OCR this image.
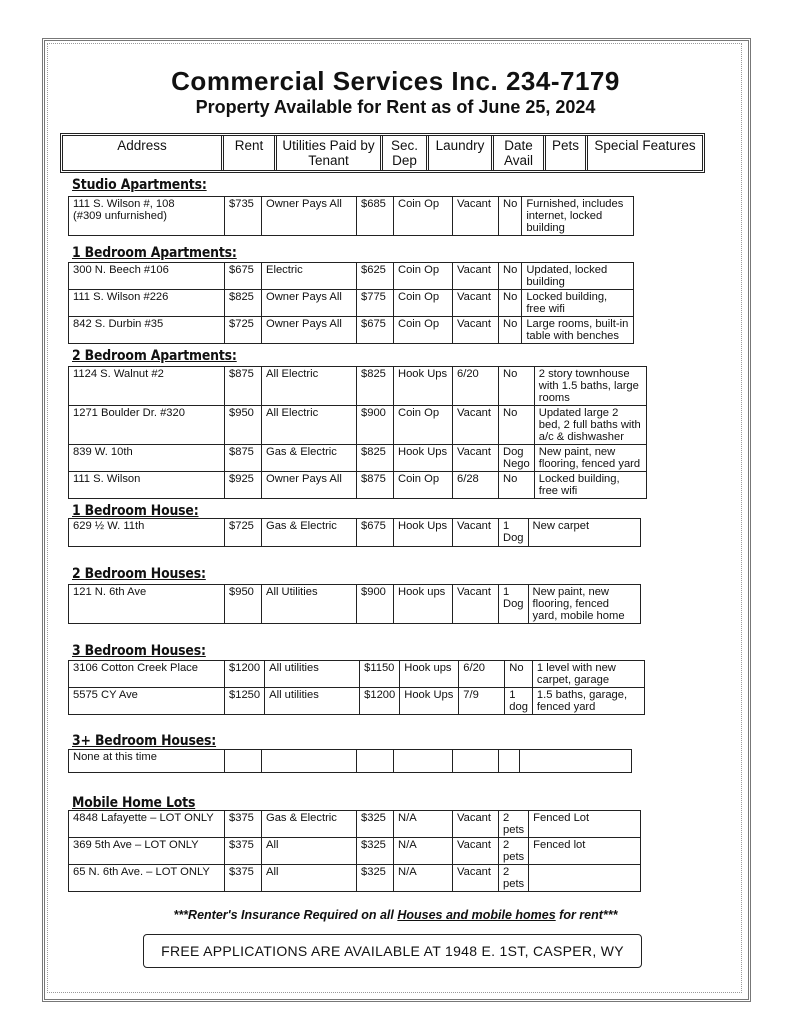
Commercial Services Inc. 234-7179
Property Available for Rent as of June 25, 2024
Address	Rent	Utilities Paid by Tenant	Sec. Dep	Laundry	Date Avail	Pets	Special Features
Studio Apartments:
111 S. Wilson #, 108
(#309 unfurnished)	$735	Owner Pays All	$685	Coin Op	Vacant	No	Furnished, includes internet, locked building
1 Bedroom Apartments:
300 N. Beech #106	$675	Electric	$625	Coin Op	Vacant	No	Updated, locked building
111 S. Wilson #226	$825	Owner Pays All	$775	Coin Op	Vacant	No	Locked building, free wifi
842 S. Durbin #35	$725	Owner Pays All	$675	Coin Op	Vacant	No	Large rooms, built-in table with benches
2 Bedroom Apartments:
1124 S. Walnut #2	$875	All Electric	$825	Hook Ups	6/20	No	2 story townhouse with 1.5 baths, large rooms
1271 Boulder Dr. #320	$950	All Electric	$900	Coin Op	Vacant	No	Updated large 2 bed, 2 full baths with a/c & dishwasher
839 W. 10th	$875	Gas & Electric	$825	Hook Ups	Vacant	Dog Nego	New paint, new flooring, fenced yard
111 S. Wilson	$925	Owner Pays All	$875	Coin Op	6/28	No	Locked building, free wifi
1 Bedroom House:
629 ½ W. 11th	$725	Gas & Electric	$675	Hook Ups	Vacant	1 Dog	New carpet
2 Bedroom Houses:
121 N. 6th Ave	$950	All Utilities	$900	Hook ups	Vacant	1 Dog	New paint, new flooring, fenced yard, mobile home
3 Bedroom Houses:
3106 Cotton Creek Place	$1200	All utilities	$1150	Hook ups	6/20	No	1 level with new carpet, garage
5575 CY Ave	$1250	All utilities	$1200	Hook Ups	7/9	1 dog	1.5 baths, garage, fenced yard
3+ Bedroom Houses:
None at this time							
Mobile Home Lots
4848 Lafayette – LOT ONLY	$375	Gas & Electric	$325	N/A	Vacant	2 pets	Fenced Lot
369 5th Ave – LOT ONLY	$375	All	$325	N/A	Vacant	2 pets	Fenced lot
65 N. 6th Ave. – LOT ONLY	$375	All	$325	N/A	Vacant	2 pets	
***Renter's Insurance Required on all Houses and mobile homes for rent***
FREE APPLICATIONS ARE AVAILABLE AT 1948 E. 1ST, CASPER, WY
